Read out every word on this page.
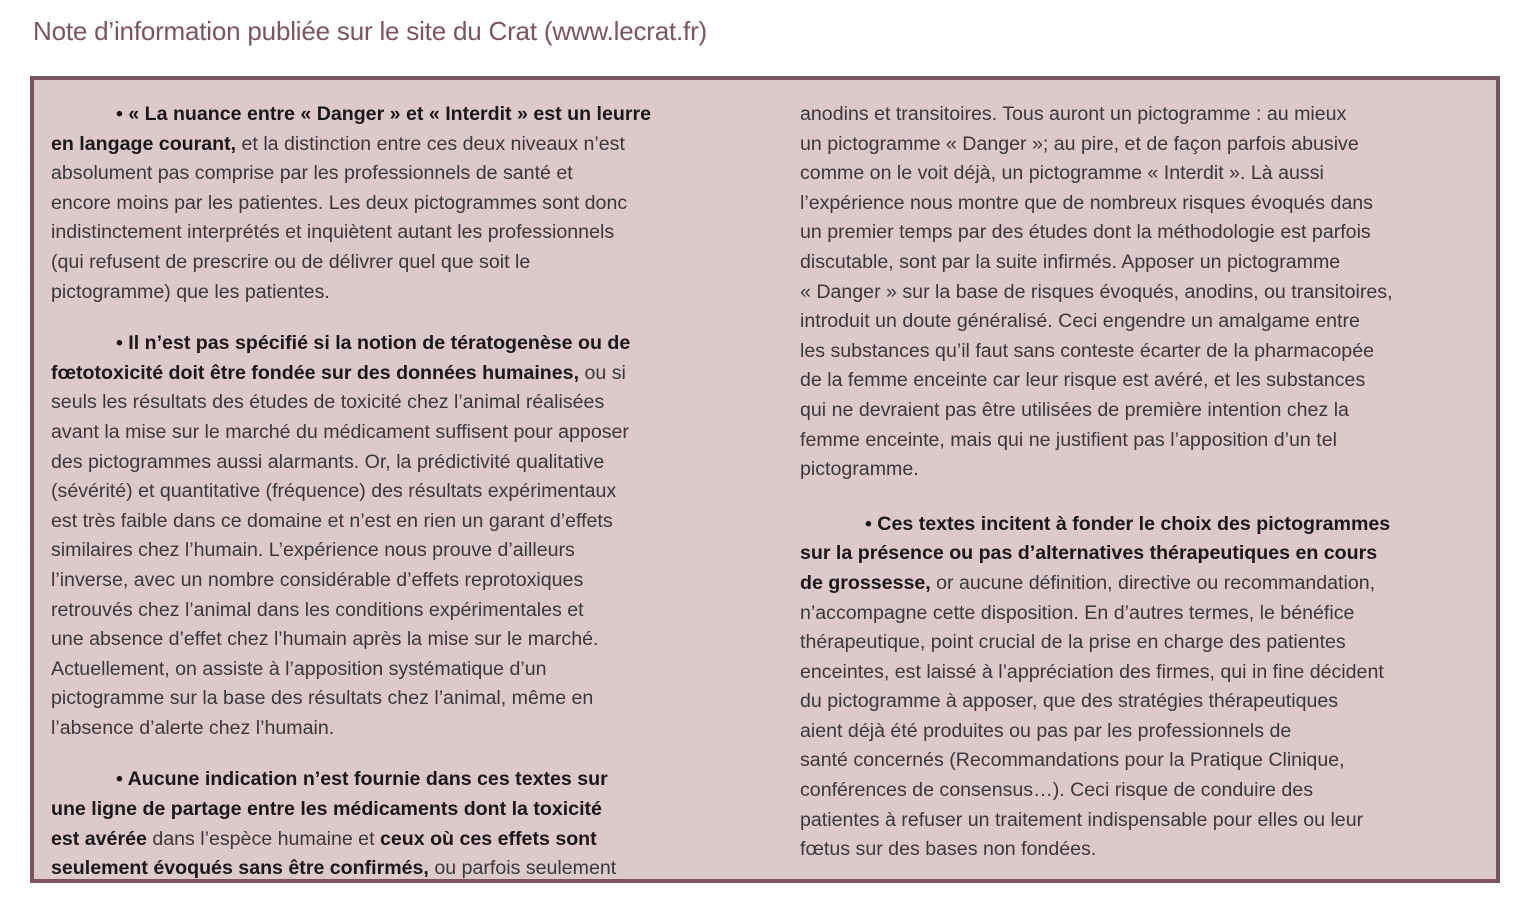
Note d’information publiée sur le site du Crat (www.lecrat.fr)
• « La nuance entre « Danger » et « Interdit » est un leurre
en langage courant, et la distinction entre ces deux niveaux n’est
absolument pas comprise par les professionnels de santé et
encore moins par les patientes. Les deux pictogrammes sont donc
indistinctement interprétés et inquiètent autant les professionnels
(qui refusent de prescrire ou de délivrer quel que soit le
pictogramme) que les patientes.
• Il n’est pas spécifié si la notion de tératogenèse ou de
fœtotoxicité doit être fondée sur des données humaines, ou si
seuls les résultats des études de toxicité chez l’animal réalisées
avant la mise sur le marché du médicament suffisent pour apposer
des pictogrammes aussi alarmants. Or, la prédictivité qualitative
(sévérité) et quantitative (fréquence) des résultats expérimentaux
est très faible dans ce domaine et n’est en rien un garant d’effets
similaires chez l’humain. L’expérience nous prouve d’ailleurs
l’inverse, avec un nombre considérable d’effets reprotoxiques
retrouvés chez l’animal dans les conditions expérimentales et
une absence d’effet chez l’humain après la mise sur le marché.
Actuellement, on assiste à l’apposition systématique d’un
pictogramme sur la base des résultats chez l’animal, même en
l’absence d’alerte chez l’humain.
• Aucune indication n’est fournie dans ces textes sur
une ligne de partage entre les médicaments dont la toxicité
est avérée dans l’espèce humaine et ceux où ces effets sont
seulement évoqués sans être confirmés, ou parfois seulement
anodins et transitoires. Tous auront un pictogramme : au mieux
un pictogramme « Danger »; au pire, et de façon parfois abusive
comme on le voit déjà, un pictogramme « Interdit ». Là aussi
l’expérience nous montre que de nombreux risques évoqués dans
un premier temps par des études dont la méthodologie est parfois
discutable, sont par la suite infirmés. Apposer un pictogramme
« Danger » sur la base de risques évoqués, anodins, ou transitoires,
introduit un doute généralisé. Ceci engendre un amalgame entre
les substances qu’il faut sans conteste écarter de la pharmacopée
de la femme enceinte car leur risque est avéré, et les substances
qui ne devraient pas être utilisées de première intention chez la
femme enceinte, mais qui ne justifient pas l’apposition d’un tel
pictogramme.
• Ces textes incitent à fonder le choix des pictogrammes
sur la présence ou pas d’alternatives thérapeutiques en cours
de grossesse, or aucune définition, directive ou recommandation,
n’accompagne cette disposition. En d’autres termes, le bénéfice
thérapeutique, point crucial de la prise en charge des patientes
enceintes, est laissé à l’appréciation des firmes, qui in fine décident
du pictogramme à apposer, que des stratégies thérapeutiques
aient déjà été produites ou pas par les professionnels de
santé concernés (Recommandations pour la Pratique Clinique,
conférences de consensus…). Ceci risque de conduire des
patientes à refuser un traitement indispensable pour elles ou leur
fœtus sur des bases non fondées.
